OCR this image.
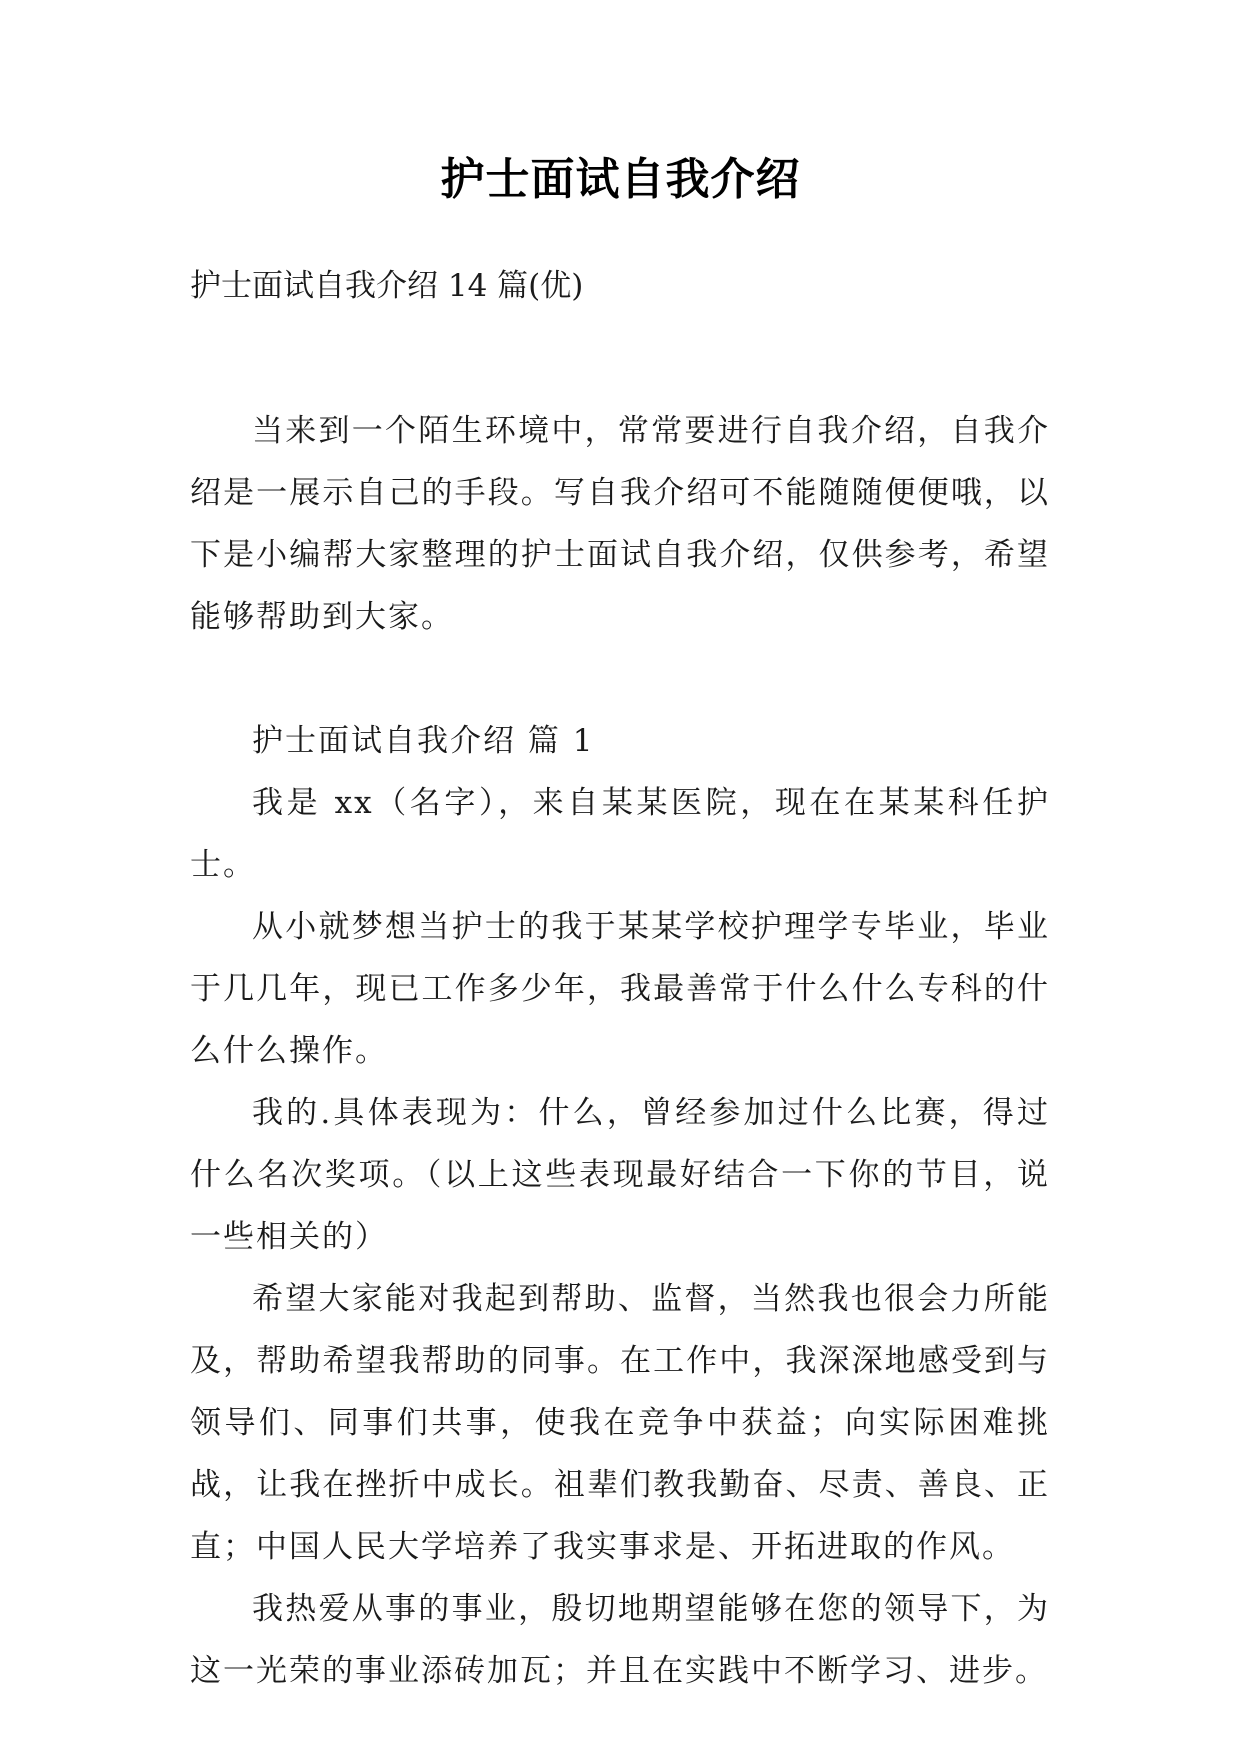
护士面试自我介绍
护士面试自我介绍 14 篇(优)

当来到一个陌生环境中，常常要进行自我介绍，自我介绍是一展示自己的手段。写自我介绍可不能随随便便哦，以下是小编帮大家整理的护士面试自我介绍，仅供参考，希望能够帮助到大家。

护士面试自我介绍 篇 1

我是 xx（名字），来自某某医院，现在在某某科任护士。

从小就梦想当护士的我于某某学校护理学专毕业，毕业于几几年，现已工作多少年，我最善常于什么什么专科的什么什么操作。

我的.具体表现为：什么，曾经参加过什么比赛，得过什么名次奖项。（以上这些表现最好结合一下你的节目，说一些相关的）

希望大家能对我起到帮助、监督，当然我也很会力所能及，帮助希望我帮助的同事。在工作中，我深深地感受到与领导们、同事们共事，使我在竞争中获益；向实际困难挑战，让我在挫折中成长。祖辈们教我勤奋、尽责、善良、正直；中国人民大学培养了我实事求是、开拓进取的作风。

我热爱从事的事业，殷切地期望能够在您的领导下，为这一光荣的事业添砖加瓦；并且在实践中不断学习、进步。
